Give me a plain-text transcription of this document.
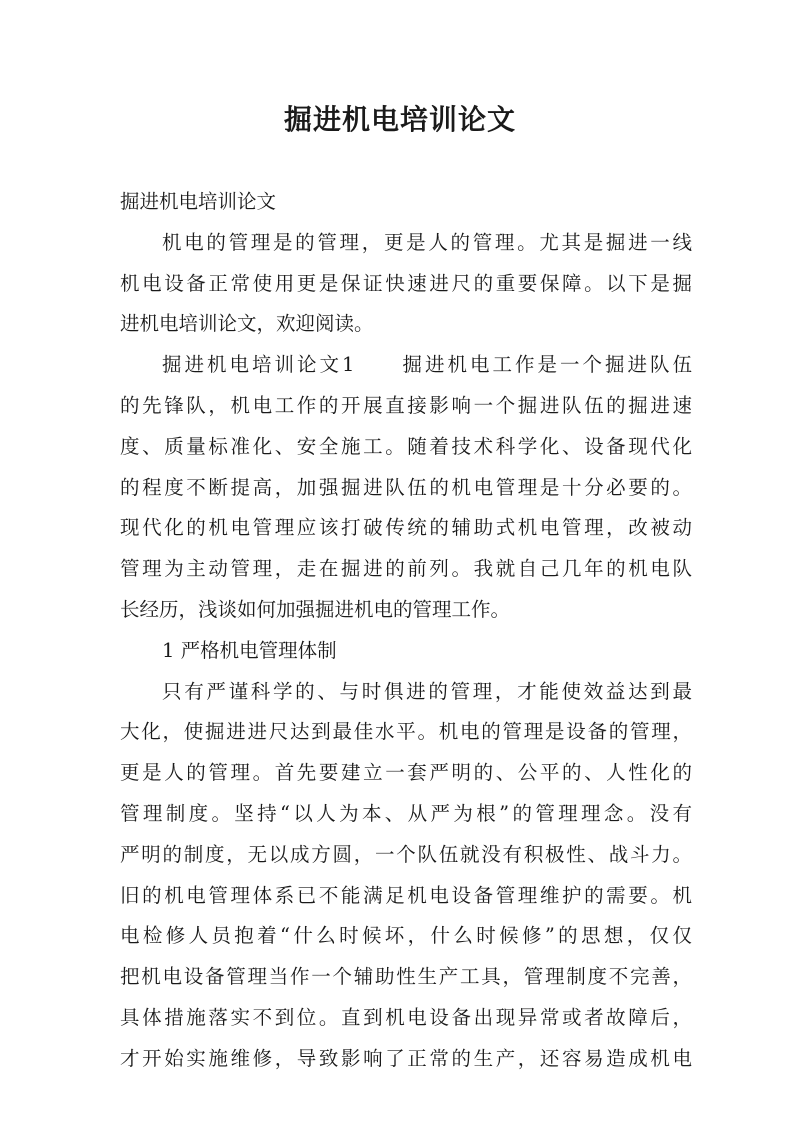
掘进机电培训论文
掘进机电培训论文
机电的管理是的管理，更是人的管理。尤其是掘进一线
机电设备正常使用更是保证快速进尺的重要保障。以下是掘
进机电培训论文，欢迎阅读。
掘进机电培训论文1　　掘进机电工作是一个掘进队伍
的先锋队，机电工作的开展直接影响一个掘进队伍的掘进速
度、质量标准化、安全施工。随着技术科学化、设备现代化
的程度不断提高，加强掘进队伍的机电管理是十分必要的。
现代化的机电管理应该打破传统的辅助式机电管理，改被动
管理为主动管理，走在掘进的前列。我就自己几年的机电队
长经历，浅谈如何加强掘进机电的管理工作。
1 严格机电管理体制
只有严谨科学的、与时俱进的管理，才能使效益达到最
大化，使掘进进尺达到最佳水平。机电的管理是设备的管理，
更是人的管理。首先要建立一套严明的、公平的、人性化的
管理制度。坚持“以人为本、从严为根”的管理理念。没有
严明的制度，无以成方圆，一个队伍就没有积极性、战斗力。
旧的机电管理体系已不能满足机电设备管理维护的需要。机
电检修人员抱着“什么时候坏，什么时候修”的思想，仅仅
把机电设备管理当作一个辅助性生产工具，管理制度不完善，
具体措施落实不到位。直到机电设备出现异常或者故障后，
才开始实施维修，导致影响了正常的生产，还容易造成机电
